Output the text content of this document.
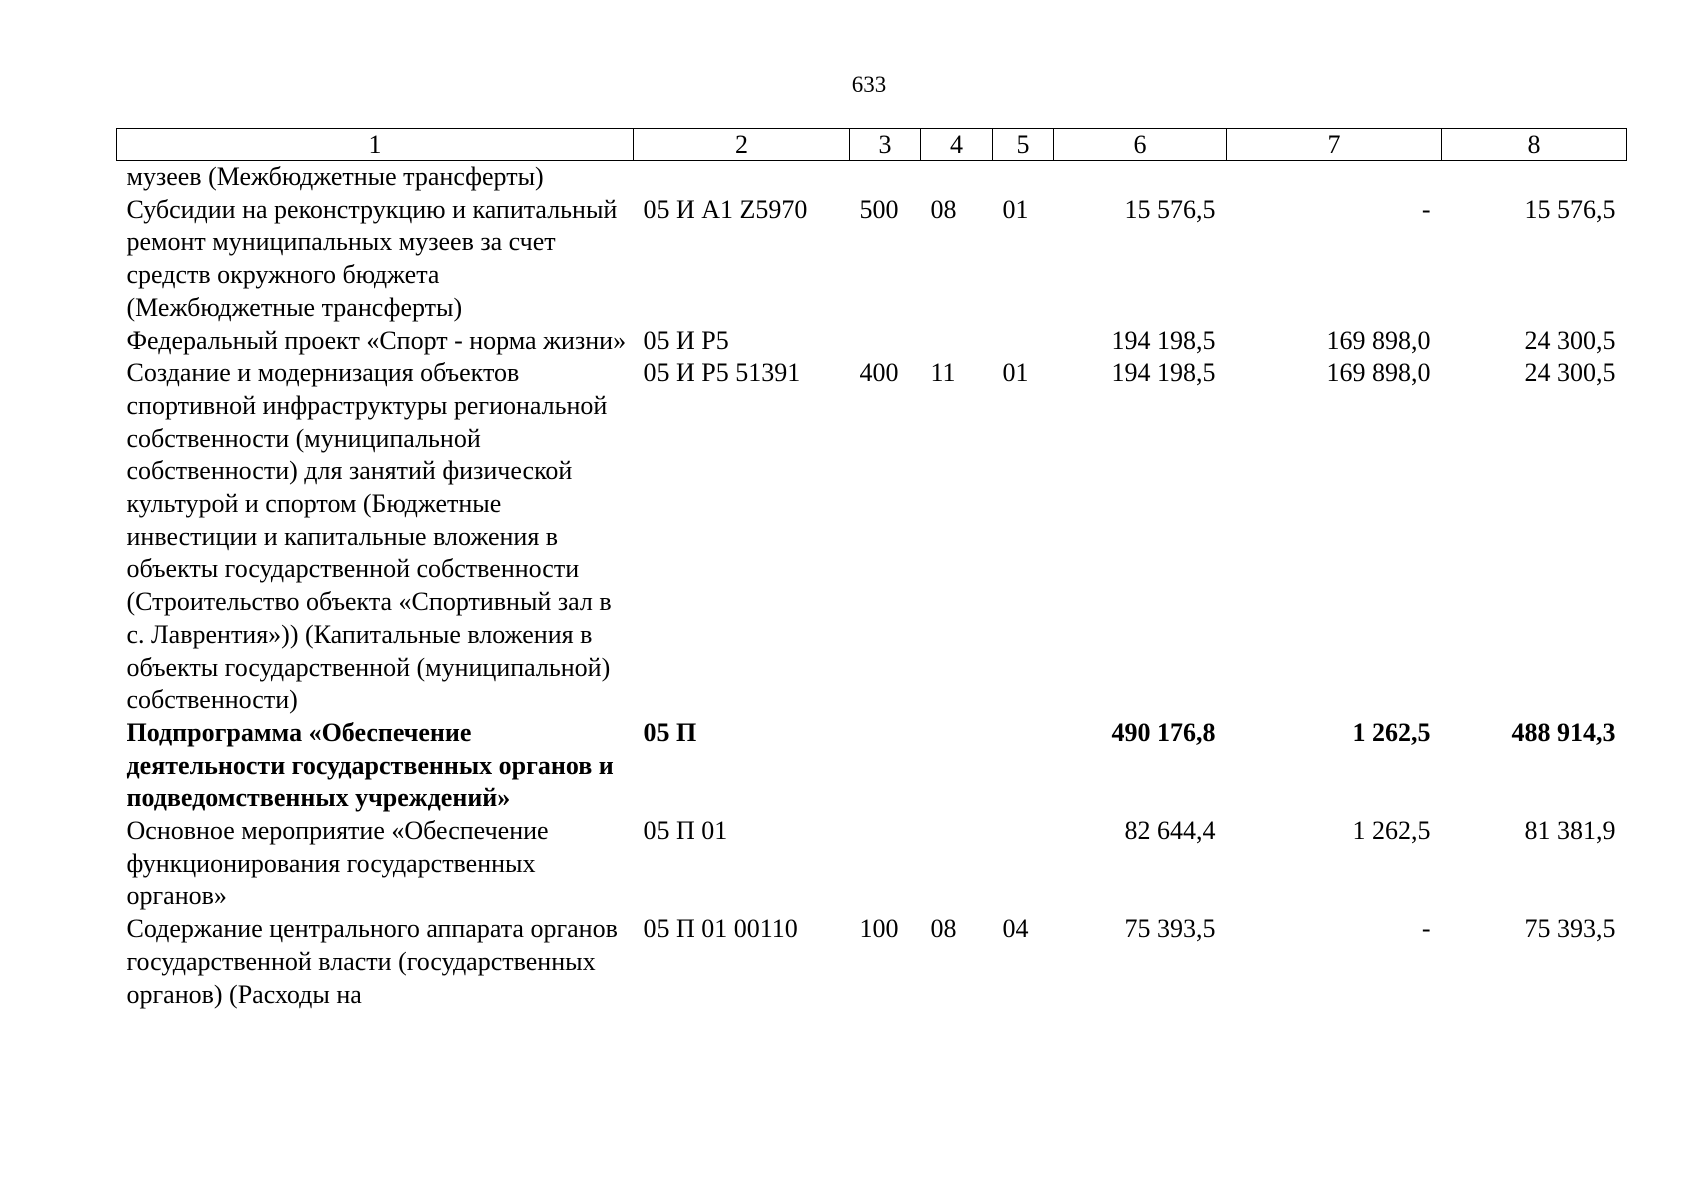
633
1	2	3	4	5	6	7	8
музеев (Межбюджетные трансферты)							
Субсидии на реконструкцию и капитальный ремонт муниципальных музеев за счет средств окружного бюджета (Межбюджетные трансферты)	05 И А1 Z5970	500	08	01	15 576,5	-	15 576,5
Федеральный проект «Спорт - норма жизни»	05 И Р5				194 198,5	169 898,0	24 300,5
Создание и модернизация объектов спортивной инфраструктуры региональной собственности (муниципальной собственности) для занятий физической культурой и спортом (Бюджетные инвестиции и капитальные вложения в объекты государственной собственности (Строительство объекта «Спортивный зал в с. Лаврентия»)) (Капитальные вложения в объекты государственной (муниципальной) собственности)	05 И Р5 51391	400	11	01	194 198,5	169 898,0	24 300,5
Подпрограмма «Обеспечение деятельности государственных органов и подведомственных учреждений»	05 П				490 176,8	1 262,5	488 914,3
Основное мероприятие «Обеспечение функционирования государственных органов»	05 П 01				82 644,4	1 262,5	81 381,9
Содержание центрального аппарата органов государственной власти (государственных органов) (Расходы на	05 П 01 00110	100	08	04	75 393,5	-	75 393,5
